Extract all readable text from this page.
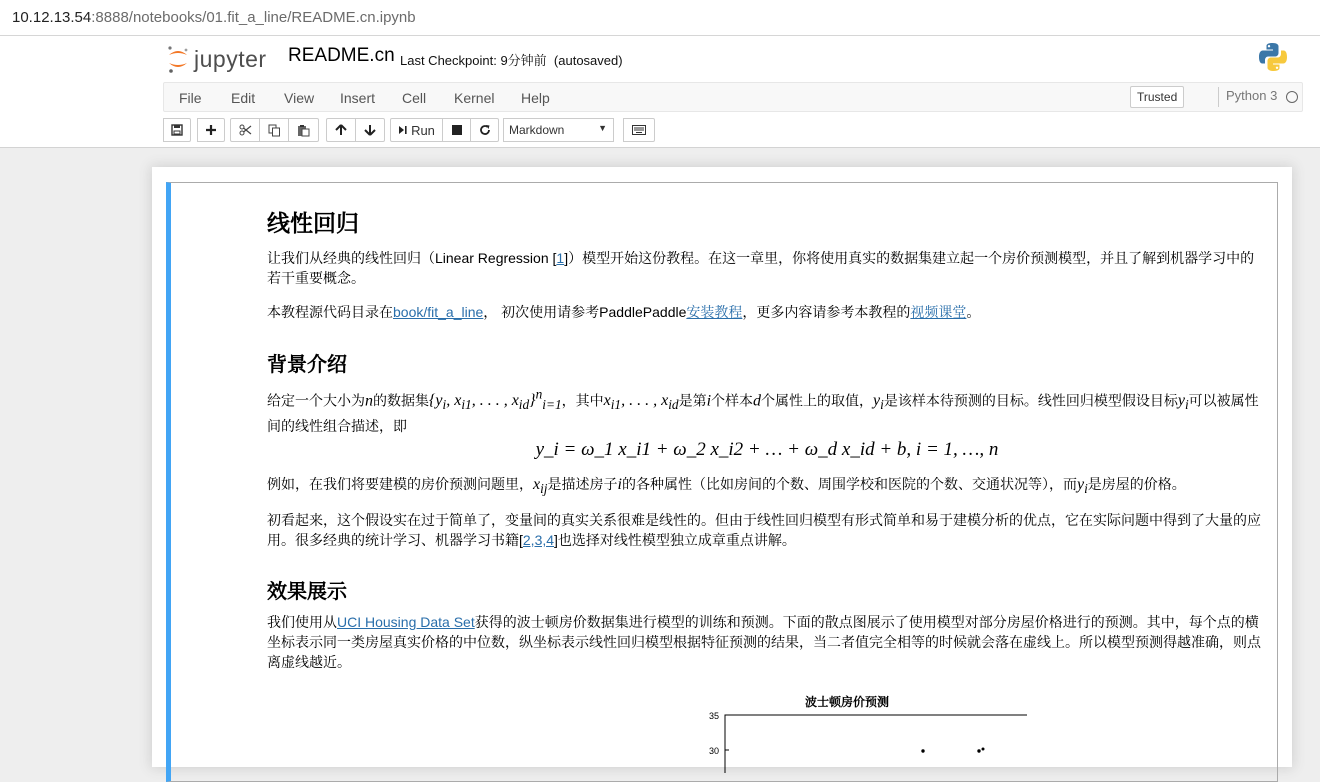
10.12.13.54:8888/notebooks/01.fit_a_line/README.cn.ipynb
jupyter README.cn Last Checkpoint: 9分钟前 (autosaved)
File Edit View Insert Cell Kernel Help	Trusted	Python 3
Run	Markdown	▼
线性回归

让我们从经典的线性回归（Linear Regression [1]）模型开始这份教程。在这一章里，你将使用真实的数据集建立起一个房价预测模型，并且了解到机器学习中的若干重要概念。

本教程源代码目录在book/fit_a_line， 初次使用请参考PaddlePaddle安装教程，更多内容请参考本教程的视频课堂。

背景介绍

给定一个大小为n的数据集{$y_i$, $x_{i1}$, . . . , $x_{id}\}^n_{i=1}$，其中$x_{i1}$, . . . , $x_{id}$是第i个样本d个属性上的取值，$y_i$是该样本待预测的目标。线性回归模型假设目标$y_i$可以被属性间的线性组合描述，即

y_i = ω_1 x_i1 + ω_2 x_i2 + … + ω_d x_id + b, i = 1, …, n

例如，在我们将要建模的房价预测问题里，$x_{ij}$是描述房子i的各种属性（比如房间的个数、周围学校和医院的个数、交通状况等），而$y_i$是房屋的价格。

初看起来，这个假设实在过于简单了，变量间的真实关系很难是线性的。但由于线性回归模型有形式简单和易于建模分析的优点，它在实际问题中得到了大量的应用。很多经典的统计学习、机器学习书籍[2,3,4]也选择对线性模型独立成章重点讲解。

效果展示

我们使用从UCI Housing Data Set获得的波士顿房价数据集进行模型的训练和预测。下面的散点图展示了使用模型对部分房屋价格进行的预测。其中，每个点的横坐标表示同一类房屋真实价格的中位数，纵坐标表示线性回归模型根据特征预测的结果，当二者值完全相等的时候就会落在虚线上。所以模型预测得越准确，则点离虚线越近。

波士顿房价预测
35
30
